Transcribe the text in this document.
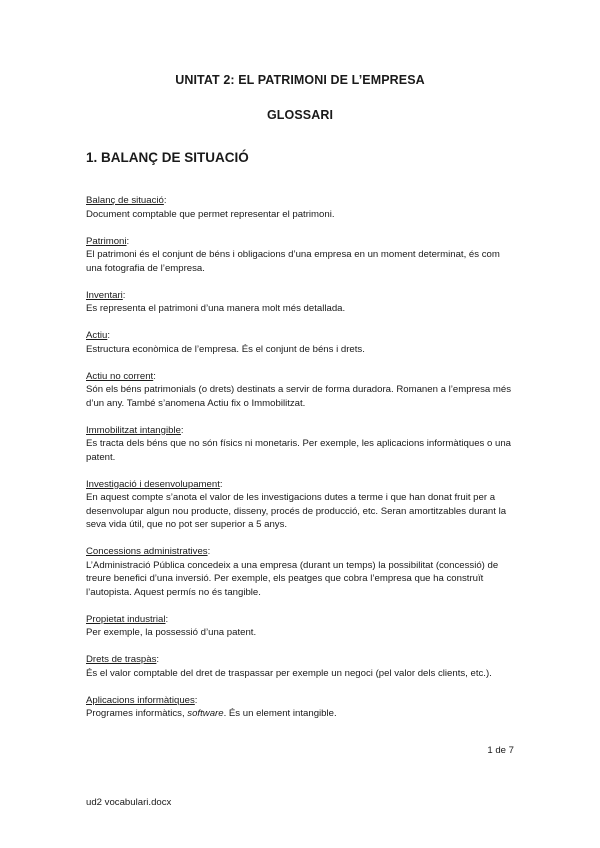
UNITAT 2: EL PATRIMONI DE L’EMPRESA
GLOSSARI
1. BALANÇ DE SITUACIÓ
Balanç de situació:

Document comptable que permet representar el patrimoni.

Patrimoni:

El patrimoni és el conjunt de béns i obligacions d’una empresa en un moment determinat, és com una fotografia de l’empresa.

Inventari:

Es representa el patrimoni d’una manera molt més detallada.

Actiu:

Estructura econòmica de l’empresa. És el conjunt de béns i drets.

Actiu no corrent:

Són els béns patrimonials (o drets) destinats a servir de forma duradora. Romanen a l’empresa més d’un any. També s’anomena Actiu fix o Immobilitzat.

Immobilitzat intangible:

Es tracta dels béns que no són físics ni monetaris. Per exemple, les aplicacions informàtiques o una patent.

Investigació i desenvolupament:

En aquest compte s’anota el valor de les investigacions dutes a terme i que han donat fruit per a desenvolupar algun nou producte, disseny, procés de producció, etc. Seran amortitzables durant la seva vida útil, que no pot ser superior a 5 anys.

Concessions administratives:

L’Administració Pública concedeix a una empresa (durant un temps) la possibilitat (concessió) de treure benefici d’una inversió. Per exemple, els peatges que cobra l’empresa que ha construït l’autopista. Aquest permís no és tangible.

Propietat industrial:

Per exemple, la possessió d’una patent.

Drets de traspàs:

És el valor comptable del dret de traspassar per exemple un negoci (pel valor dels clients, etc.).

Aplicacions informàtiques:

Programes informàtics, software. És un element intangible.

1 de 7
ud2 vocabulari.docx
